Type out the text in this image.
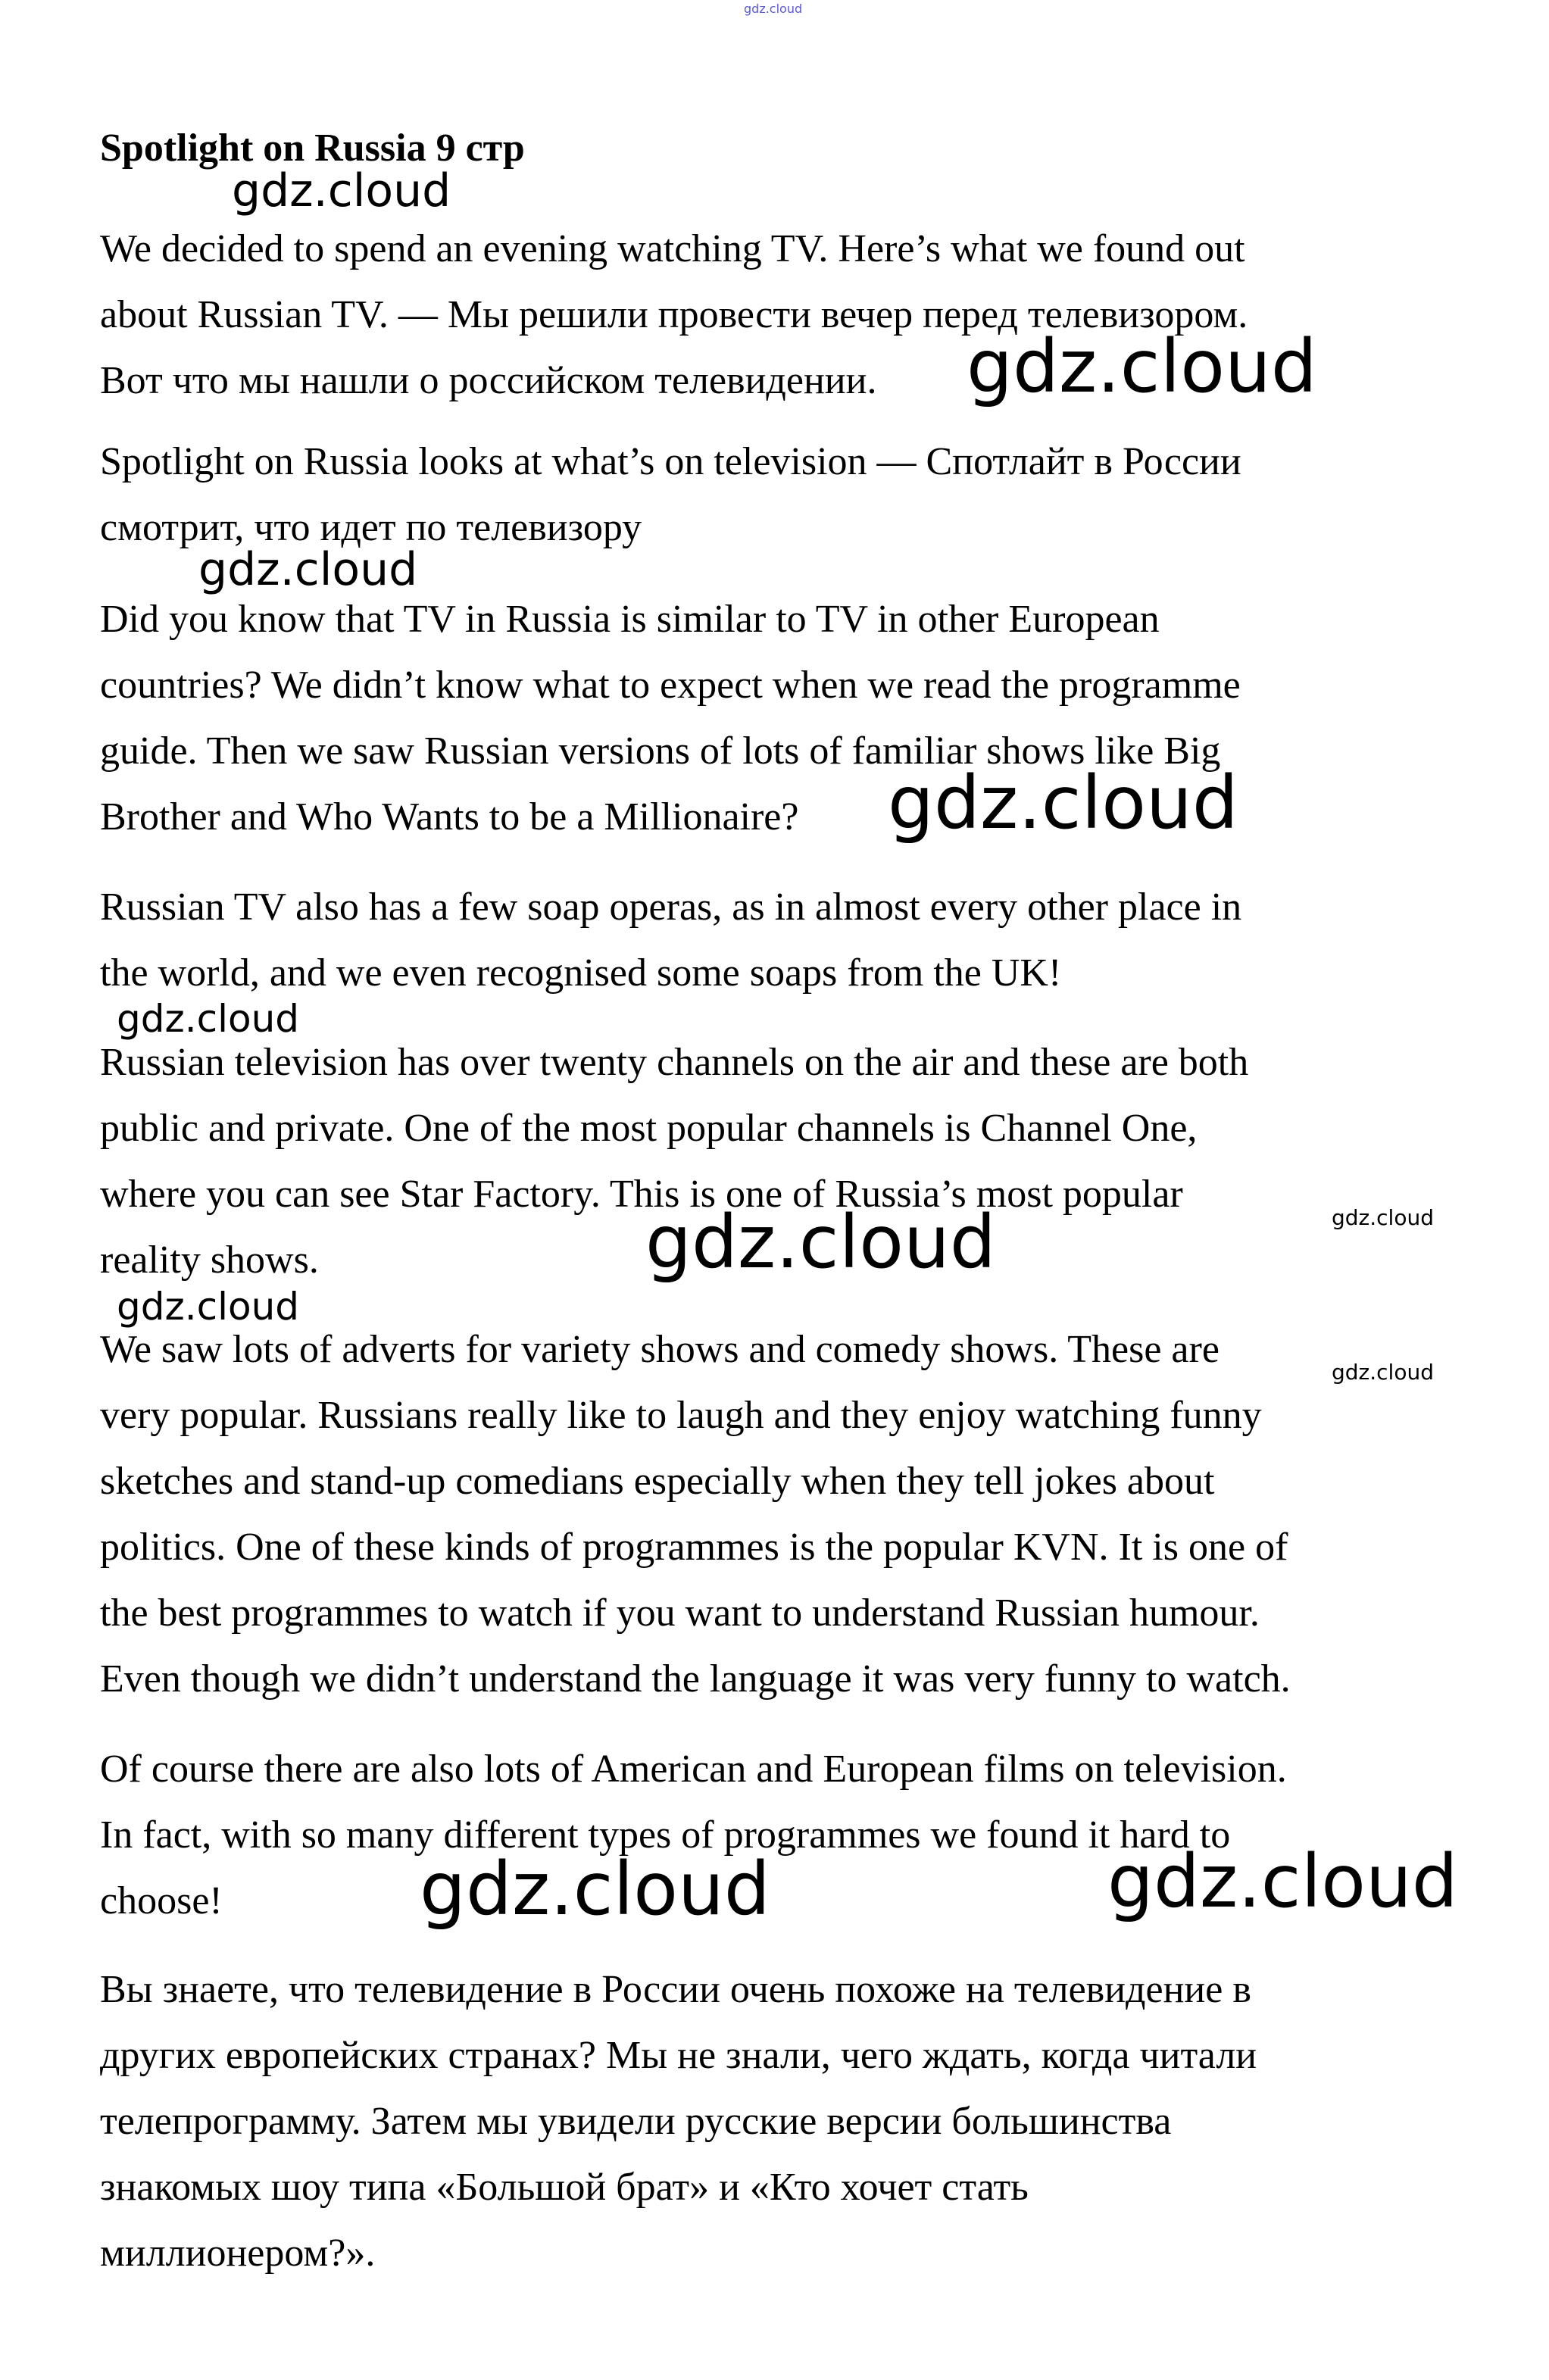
gdz.cloud
Spotlight on Russia 9 стр
We decided to spend an evening watching TV. Here’s what we found out
about Russian TV. — Мы решили провести вечер перед телевизором.
Вот что мы нашли о российском телевидении.
Spotlight on Russia looks at what’s on television — Спотлайт в России
смотрит, что идет по телевизору
Did you know that TV in Russia is similar to TV in other European
countries? We didn’t know what to expect when we read the programme
guide. Then we saw Russian versions of lots of familiar shows like Big
Brother and Who Wants to be a Millionaire?
Russian TV also has a few soap operas, as in almost every other place in
the world, and we even recognised some soaps from the UK!
Russian television has over twenty channels on the air and these are both
public and private. One of the most popular channels is Channel One,
where you can see Star Factory. This is one of Russia’s most popular
reality shows.
We saw lots of adverts for variety shows and comedy shows. These are
very popular. Russians really like to laugh and they enjoy watching funny
sketches and stand-up comedians especially when they tell jokes about
politics. One of these kinds of programmes is the popular KVN. It is one of
the best programmes to watch if you want to understand Russian humour.
Even though we didn’t understand the language it was very funny to watch.
Of course there are also lots of American and European films on television.
In fact, with so many different types of programmes we found it hard to
choose!
Вы знаете, что телевидение в России очень похоже на телевидение в
других европейских странах? Мы не знали, чего ждать, когда читали
телепрограмму. Затем мы увидели русские версии большинства
знакомых шоу типа «Большой брат» и «Кто хочет стать
миллионером?».
gdz.cloud
gdz.cloud
gdz.cloud
gdz.cloud
gdz.cloud
gdz.cloud
gdz.cloud
gdz.cloud
gdz.cloud
gdz.cloud	gdz.cloud
